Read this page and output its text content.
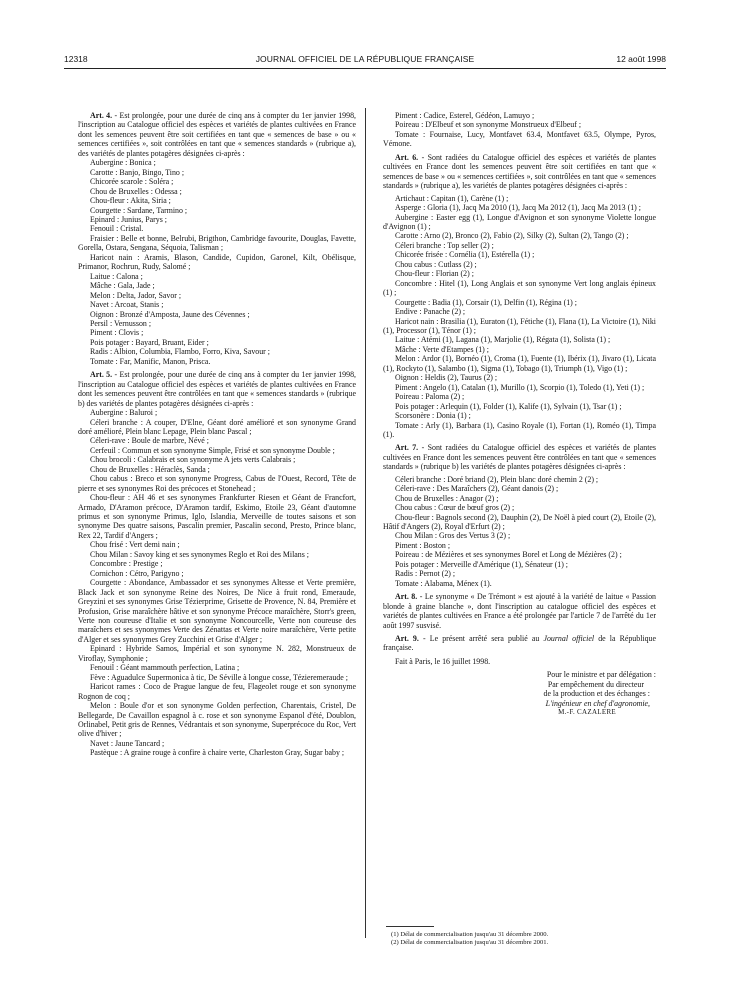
12318	JOURNAL OFFICIEL DE LA RÉPUBLIQUE FRANÇAISE	12 août 1998

Art. 4. - Est prolongée, pour une durée de cinq ans à compter du 1er janvier 1998, l'inscription au Catalogue officiel des espèces et variétés de plantes cultivées en France dont les semences peuvent être soit certifiées en tant que « semences de base » ou « semences certifiées », soit contrôlées en tant que « semences standards » (rubrique a), des variétés de plantes potagères désignées ci-après :

Aubergine : Bonica ;

Carotte : Banjo, Bingo, Tino ;

Chicorée scarole : Soléra ;

Chou de Bruxelles : Odessa ;

Chou-fleur : Akita, Siria ;

Courgette : Sardane, Tarmino ;

Epinard : Junius, Parys ;

Fenouil : Cristal.

Fraisier : Belle et bonne, Belrubi, Brigthon, Cambridge favourite, Douglas, Favette, Gorella, Ostara, Sengana, Séquoia, Talisman ;

Haricot nain : Aramis, Blason, Candide, Cupidon, Garonel, Kilt, Obélisque, Primanor, Rochrun, Rudy, Salomé ;

Laitue : Calona ;

Mâche : Gala, Jade ;

Melon : Delta, Jador, Savor ;

Navet : Arcoat, Stanis ;

Oignon : Bronzé d'Amposta, Jaune des Cévennes ;

Persil : Vernusson ;

Piment : Clovis ;

Pois potager : Bayard, Bruant, Eider ;

Radis : Albion, Columbia, Flambo, Forro, Kiva, Savour ;

Tomate : Far, Manific, Manon, Prisca.

Art. 5. - Est prolongée, pour une durée de cinq ans à compter du 1er janvier 1998, l'inscription au Catalogue officiel des espèces et variétés de plantes cultivées en France dont les semences peuvent être contrôlées en tant que « semences standards » (rubrique b) des variétés de plantes potagères désignées ci-après :

Aubergine : Baluroi ;

Céleri branche : A couper, D'Elne, Géant doré amélioré et son synonyme Grand doré amélioré, Plein blanc Lepage, Plein blanc Pascal ;

Céleri-rave : Boule de marbre, Névé ;

Cerfeuil : Commun et son synonyme Simple, Frisé et son synonyme Double ;

Chou brocoli : Calabrais et son synonyme A jets verts Calabrais ;

Chou de Bruxelles : Héraclès, Sanda ;

Chou cabus : Breco et son synonyme Progress, Cabus de l'Ouest, Record, Tête de pierre et ses synonymes Roi des précoces et Stonehead ;

Chou-fleur : AH 46 et ses synonymes Frankfurter Riesen et Géant de Francfort, Armado, D'Aramon précoce, D'Aramon tardif, Eskimo, Etoile 23, Géant d'automne primus et son synonyme Primus, Iglo, Islandia, Merveille de toutes saisons et son synonyme Des quatre saisons, Pascalin premier, Pascalin second, Presto, Prince blanc, Rex 22, Tardif d'Angers ;

Chou frisé : Vert demi nain ;

Chou Milan : Savoy king et ses synonymes Reglo et Roi des Milans ;

Concombre : Prestige ;

Cornichon : Cétro, Parigyno ;

Courgette : Abondance, Ambassador et ses synonymes Altesse et Verte première, Black Jack et son synonyme Reine des Noires, De Nice à fruit rond, Emeraude, Greyzini et ses synonymes Grise Tézierprime, Grisette de Provence, N. 84, Première et Profusion, Grise maraîchère hâtive et son synonyme Précoce maraîchère, Storr's green, Verte non coureuse d'Italie et son synonyme Noncourcelle, Verte non coureuse des maraîchers et ses synonymes Verte des Zénattas et Verte noire maraîchère, Verte petite d'Alger et ses synonymes Grey Zucchini et Grise d'Alger ;

Epinard : Hybride Samos, Impérial et son synonyme N. 282, Monstrueux de Viroflay, Symphonie ;

Fenouil : Géant mammouth perfection, Latina ;

Fève : Aguadulce Supermonica à tic, De Séville à longue cosse, Tézieremeraude ;

Haricot rames : Coco de Prague langue de feu, Flageolet rouge et son synonyme Rognon de coq ;

Melon : Boule d'or et son synonyme Golden perfection, Charentais, Cristel, De Bellegarde, De Cavaillon espagnol à c. rose et son synonyme Espanol d'été, Doublon, Orlinabel, Petit gris de Rennes, Védrantais et son synonyme, Superprécoce du Roc, Vert olive d'hiver ;

Navet : Jaune Tancard ;

Pastèque : A graine rouge à confire à chaire verte, Charleston Gray, Sugar baby ;

Piment : Cadice, Esterel, Gédéon, Lamuyo ;

Poireau : D'Elbeuf et son synonyme Monstrueux d'Elbeuf ;

Tomate : Fournaise, Lucy, Montfavet 63.4, Montfavet 63.5, Olympe, Pyros, Vémone.

Art. 6. - Sont radiées du Catalogue officiel des espèces et variétés de plantes cultivées en France dont les semences peuvent être soit certifiées en tant que « semences de base » ou « semences certifiées », soit contrôlées en tant que « semences standards » (rubrique a), les variétés de plantes potagères désignées ci-après :

Artichaut : Capitan (1), Carène (1) ;

Asperge : Gloria (1), Jacq Ma 2010 (1), Jacq Ma 2012 (1), Jacq Ma 2013 (1) ;

Aubergine : Easter egg (1), Longue d'Avignon et son synonyme Violette longue d'Avignon (1) ;

Carotte : Arno (2), Bronco (2), Fabio (2), Silky (2), Sultan (2), Tango (2) ;

Céleri branche : Top seller (2) ;

Chicorée frisée : Cornélia (1), Estérella (1) ;

Chou cabus : Cutlass (2) ;

Chou-fleur : Florian (2) ;

Concombre : Hitel (1), Long Anglais et son synonyme Vert long anglais épineux (1) ;

Courgette : Badia (1), Corsair (1), Delfin (1), Régina (1) ;

Endive : Panache (2) ;

Haricot nain : Brasilia (1), Euraton (1), Fétiche (1), Flana (1), La Victoire (1), Niki (1), Processor (1), Ténor (1) ;

Laitue : Atémi (1), Lagana (1), Marjolie (1), Régata (1), Solista (1) ;

Mâche : Verte d'Etampes (1) ;

Melon : Ardor (1), Bornéo (1), Croma (1), Fuente (1), Ibérix (1), Jivaro (1), Licata (1), Rockyto (1), Salambo (1), Sigma (1), Tobago (1), Triumph (1), Vigo (1) ;

Oignon : Heldis (2), Taurus (2) ;

Piment : Angelo (1), Catalan (1), Murillo (1), Scorpio (1), Toledo (1), Yeti (1) ;

Poireau : Paloma (2) ;

Pois potager : Arlequin (1), Folder (1), Kalife (1), Sylvain (1), Tsar (1) ;

Scorsonère : Donia (1) ;

Tomate : Arly (1), Barbara (1), Casino Royale (1), Fortan (1), Roméo (1), Timpa (1).

Art. 7. - Sont radiées du Catalogue officiel des espèces et variétés de plantes cultivées en France dont les semences peuvent être contrôlées en tant que « semences standards » (rubrique b) les variétés de plantes potagères désignées ci-après :

Céleri branche : Doré briand (2), Plein blanc doré chemin 2 (2) ;

Céleri-rave : Des Maraîchers (2), Géant danois (2) ;

Chou de Bruxelles : Anagor (2) ;

Chou cabus : Cœur de bœuf gros (2) ;

Chou-fleur : Bagnols second (2), Dauphin (2), De Noël à pied court (2), Etoile (2), Hâtif d'Angers (2), Royal d'Erfurt (2) ;

Chou Milan : Gros des Vertus 3 (2) ;

Piment : Boston ;

Poireau : de Mézières et ses synonymes Borel et Long de Mézières (2) ;

Pois potager : Merveille d'Amérique (1), Sénateur (1) ;

Radis : Pernot (2) ;

Tomate : Alabama, Ménex (1).

Art. 8. - Le synonyme « De Trémont » est ajouté à la variété de laitue « Passion blonde à graine blanche », dont l'inscription au catalogue officiel des espèces et variétés de plantes cultivées en France a été prolongée par l'article 7 de l'arrêté du 1er août 1997 susvisé.

Art. 9. - Le présent arrêté sera publié au Journal officiel de la République française.

Fait à Paris, le 16 juillet 1998.

Pour le ministre et par délégation :

Par empêchement du directeur

de la production et des échanges :

L'ingénieur en chef d'agronomie,

M.-F. CAZALERE

(1) Délai de commercialisation jusqu'au 31 décembre 2000.
(2) Délai de commercialisation jusqu'au 31 décembre 2001.
